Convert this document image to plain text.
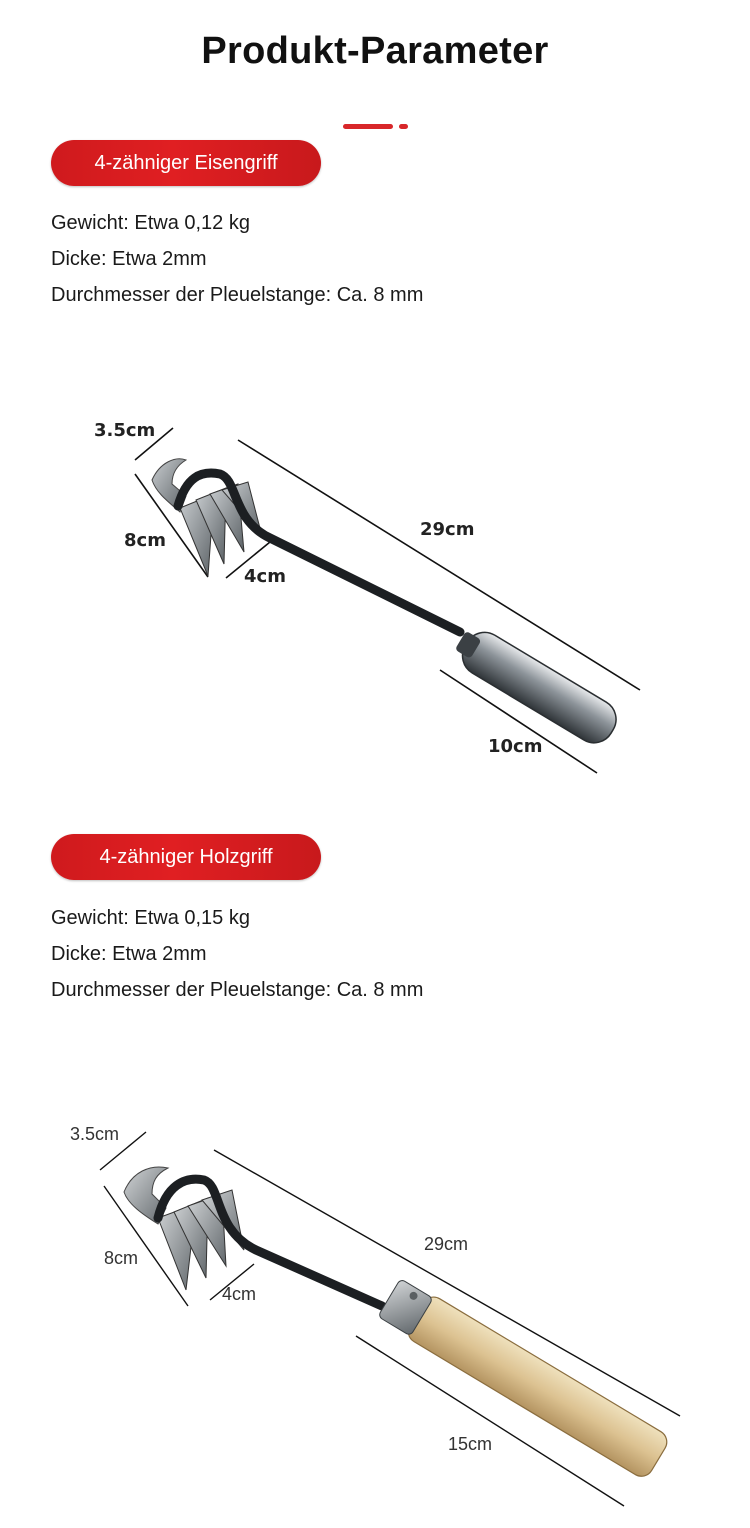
Produkt-Parameter
4-zähniger Eisengriff
Gewicht: Etwa 0,12 kg
Dicke: Etwa 2mm
Durchmesser der Pleuelstange: Ca. 8 mm
3.5cm
8cm
4cm
29cm
10cm
4-zähniger Holzgriff
Gewicht: Etwa 0,15 kg
Dicke: Etwa 2mm
Durchmesser der Pleuelstange: Ca. 8 mm
3.5cm
8cm
4cm
29cm
15cm
